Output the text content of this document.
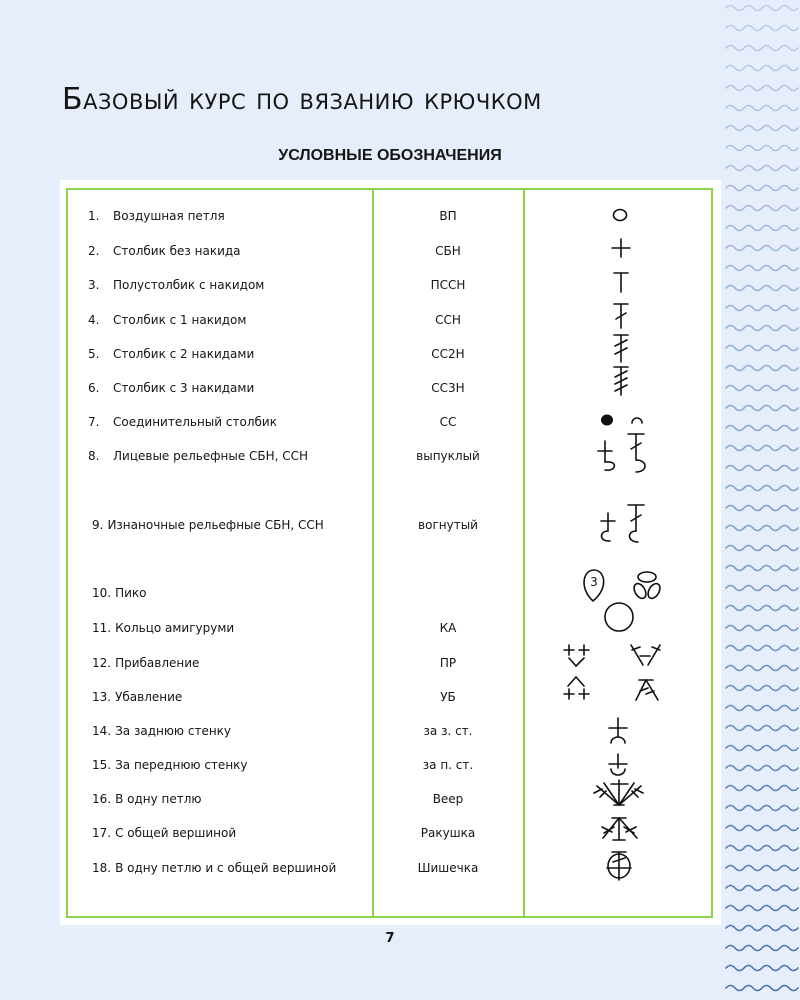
Базовый курс по вязанию крючком
УСЛОВНЫЕ ОБОЗНАЧЕНИЯ
1. Воздушная петля	ВП
2. Столбик без накида	СБН
3. Полустолбик с накидом	ПССН
4. Столбик с 1 накидом	ССН
5. Столбик с 2 накидами	СС2Н
6. Столбик с 3 накидами	СС3Н
7. Соединительный столбик	СС
8. Лицевые рельефные СБН, ССН	выпуклый
9. Изнаночные рельефные СБН, ССН	вогнутый
10. Пико
11. Кольцо амигуруми	КА
12. Прибавление	ПР
13. Убавление	УБ
14. За заднюю стенку	за з. ст.
15. За переднюю стенку	за п. ст.
16. В одну петлю	Веер
17. С общей вершиной	Ракушка
18. В одну петлю и с общей вершиной	Шишечка
3
7
